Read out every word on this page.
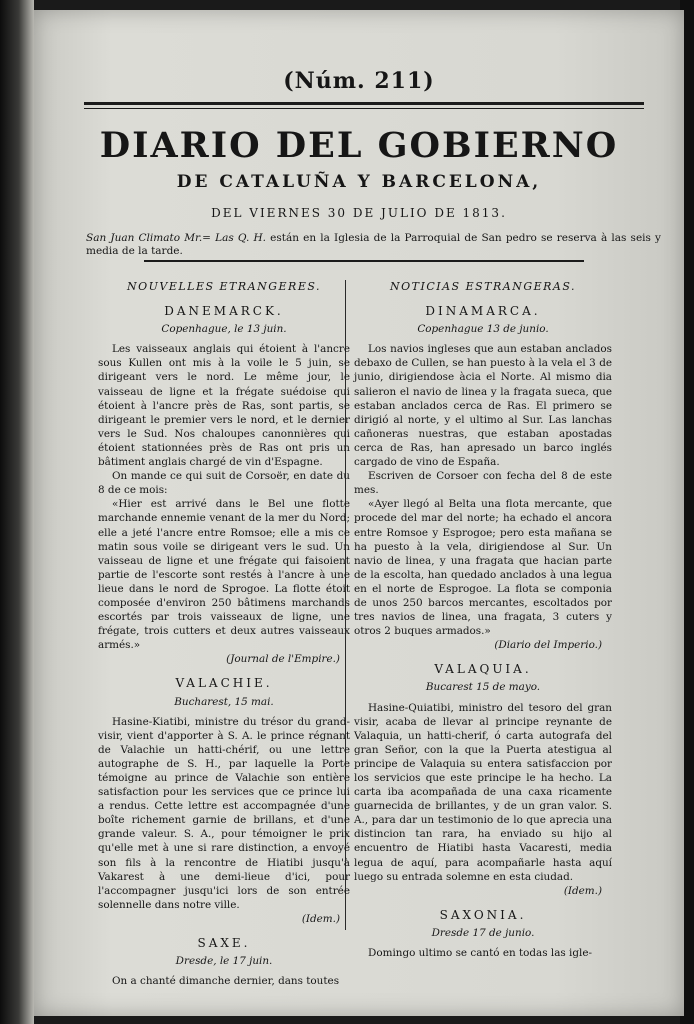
(Núm. 211)
DIARIO DEL GOBIERNO
DE CATALUÑA Y BARCELONA,
DEL VIERNES 30 DE JULIO DE 1813.
San Juan Climato Mr.= Las Q. H. están en la Iglesia de la Parroquial de San pedro se reserva à las seis y media de la tarde.
NOUVELLES ETRANGERES.
DANEMARCK.
Copenhague, le 13 juin.

Les vaisseaux anglais qui étoient à l'ancre sous Kullen ont mis à la voile le 5 juin, se dirigeant vers le nord. Le même jour, le vaisseau de ligne et la frégate suédoise qui étoient à l'ancre près de Ras, sont partis, se dirigeant le premier vers le nord, et le dernier vers le Sud. Nos chaloupes canonnières qui étoient stationnées près de Ras ont pris un bâtiment anglais chargé de vin d'Espagne.

On mande ce qui suit de Corsoër, en date du 8 de ce mois:

«Hier est arrivé dans le Bel une flotte marchande ennemie venant de la mer du Nord; elle a jeté l'ancre entre Romsoe; elle a mis ce matin sous voile se dirigeant vers le sud. Un vaisseau de ligne et une frégate qui faisoient partie de l'escorte sont restés à l'ancre à une lieue dans le nord de Sprogoe. La flotte étoit composée d'environ 250 bâtimens marchands escortés par trois vaisseaux de ligne, une frégate, trois cutters et deux autres vaisseaux armés.»

(Journal de l'Empire.)
VALACHIE.
Bucharest, 15 mai.

Hasine-Kiatibi, ministre du trésor du grand-visir, vient d'apporter à S. A. le prince régnant de Valachie un hatti-chérif, ou une lettre autographe de S. H., par laquelle la Porte témoigne au prince de Valachie son entière satisfaction pour les services que ce prince lui a rendus. Cette lettre est accompagnée d'une boîte richement garnie de brillans, et d'une grande valeur. S. A., pour témoigner le prix qu'elle met à une si rare distinction, a envoyé son fils à la rencontre de Hiatibi jusqu'à Vakarest à une demi-lieue d'ici, pour l'accompagner jusqu'ici lors de son entrée solennelle dans notre ville.

(Idem.)
SAXE.
Dresde, le 17 juin.

On a chanté dimanche dernier, dans toutes

NOTICIAS ESTRANGERAS.
DINAMARCA.
Copenhague 13 de junio.

Los navios ingleses que aun estaban anclados debaxo de Cullen, se han puesto à la vela el 3 de junio, dirigiendose àcia el Norte. Al mismo dia salieron el navio de linea y la fragata sueca, que estaban anclados cerca de Ras. El primero se dirigió al norte, y el ultimo al Sur. Las lanchas cañoneras nuestras, que estaban apostadas cerca de Ras, han apresado un barco inglés cargado de vino de España.

Escriven de Corsoer con fecha del 8 de este mes.

«Ayer llegó al Belta una flota mercante, que procede del mar del norte; ha echado el ancora entre Romsoe y Esprogoe; pero esta mañana se ha puesto à la vela, dirigiendose al Sur. Un navio de linea, y una fragata que hacian parte de la escolta, han quedado anclados à una legua en el norte de Esprogoe. La flota se componia de unos 250 barcos mercantes, escoltados por tres navios de linea, una fragata, 3 cuters y otros 2 buques armados.»

(Diario del Imperio.)
VALAQUIA.
Bucarest 15 de mayo.

Hasine-Quiatibi, ministro del tesoro del gran visir, acaba de llevar al principe reynante de Valaquia, un hatti-cherif, ó carta autografa del gran Señor, con la que la Puerta atestigua al principe de Valaquia su entera satisfaccion por los servicios que este principe le ha hecho. La carta iba acompañada de una caxa ricamente guarnecida de brillantes, y de un gran valor. S. A., para dar un testimonio de lo que aprecia una distincion tan rara, ha enviado su hijo al encuentro de Hiatibi hasta Vacaresti, media legua de aquí, para acompañarle hasta aquí luego su entrada solemne en esta ciudad.

(Idem.)
SAXONIA.
Dresde 17 de junio.

Domingo ultimo se cantó en todas las igle-
